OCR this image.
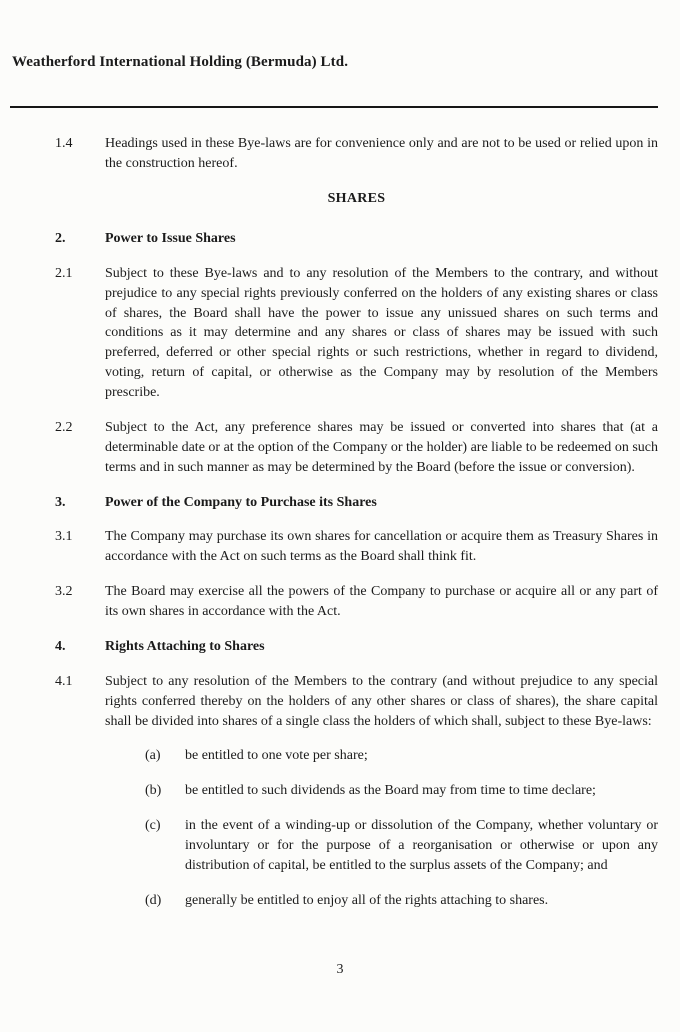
Weatherford International Holding (Bermuda) Ltd.
1.4	Headings used in these Bye-laws are for convenience only and are not to be used or relied upon in the construction hereof.
SHARES
2.	Power to Issue Shares
2.1	Subject to these Bye-laws and to any resolution of the Members to the contrary, and without prejudice to any special rights previously conferred on the holders of any existing shares or class of shares, the Board shall have the power to issue any unissued shares on such terms and conditions as it may determine and any shares or class of shares may be issued with such preferred, deferred or other special rights or such restrictions, whether in regard to dividend, voting, return of capital, or otherwise as the Company may by resolution of the Members prescribe.
2.2	Subject to the Act, any preference shares may be issued or converted into shares that (at a determinable date or at the option of the Company or the holder) are liable to be redeemed on such terms and in such manner as may be determined by the Board (before the issue or conversion).
3.	Power of the Company to Purchase its Shares
3.1	The Company may purchase its own shares for cancellation or acquire them as Treasury Shares in accordance with the Act on such terms as the Board shall think fit.
3.2	The Board may exercise all the powers of the Company to purchase or acquire all or any part of its own shares in accordance with the Act.
4.	Rights Attaching to Shares
4.1	Subject to any resolution of the Members to the contrary (and without prejudice to any special rights conferred thereby on the holders of any other shares or class of shares), the share capital shall be divided into shares of a single class the holders of which shall, subject to these Bye-laws:
(a)	be entitled to one vote per share;
(b)	be entitled to such dividends as the Board may from time to time declare;
(c)	in the event of a winding-up or dissolution of the Company, whether voluntary or involuntary or for the purpose of a reorganisation or otherwise or upon any distribution of capital, be entitled to the surplus assets of the Company; and
(d)	generally be entitled to enjoy all of the rights attaching to shares.
3
